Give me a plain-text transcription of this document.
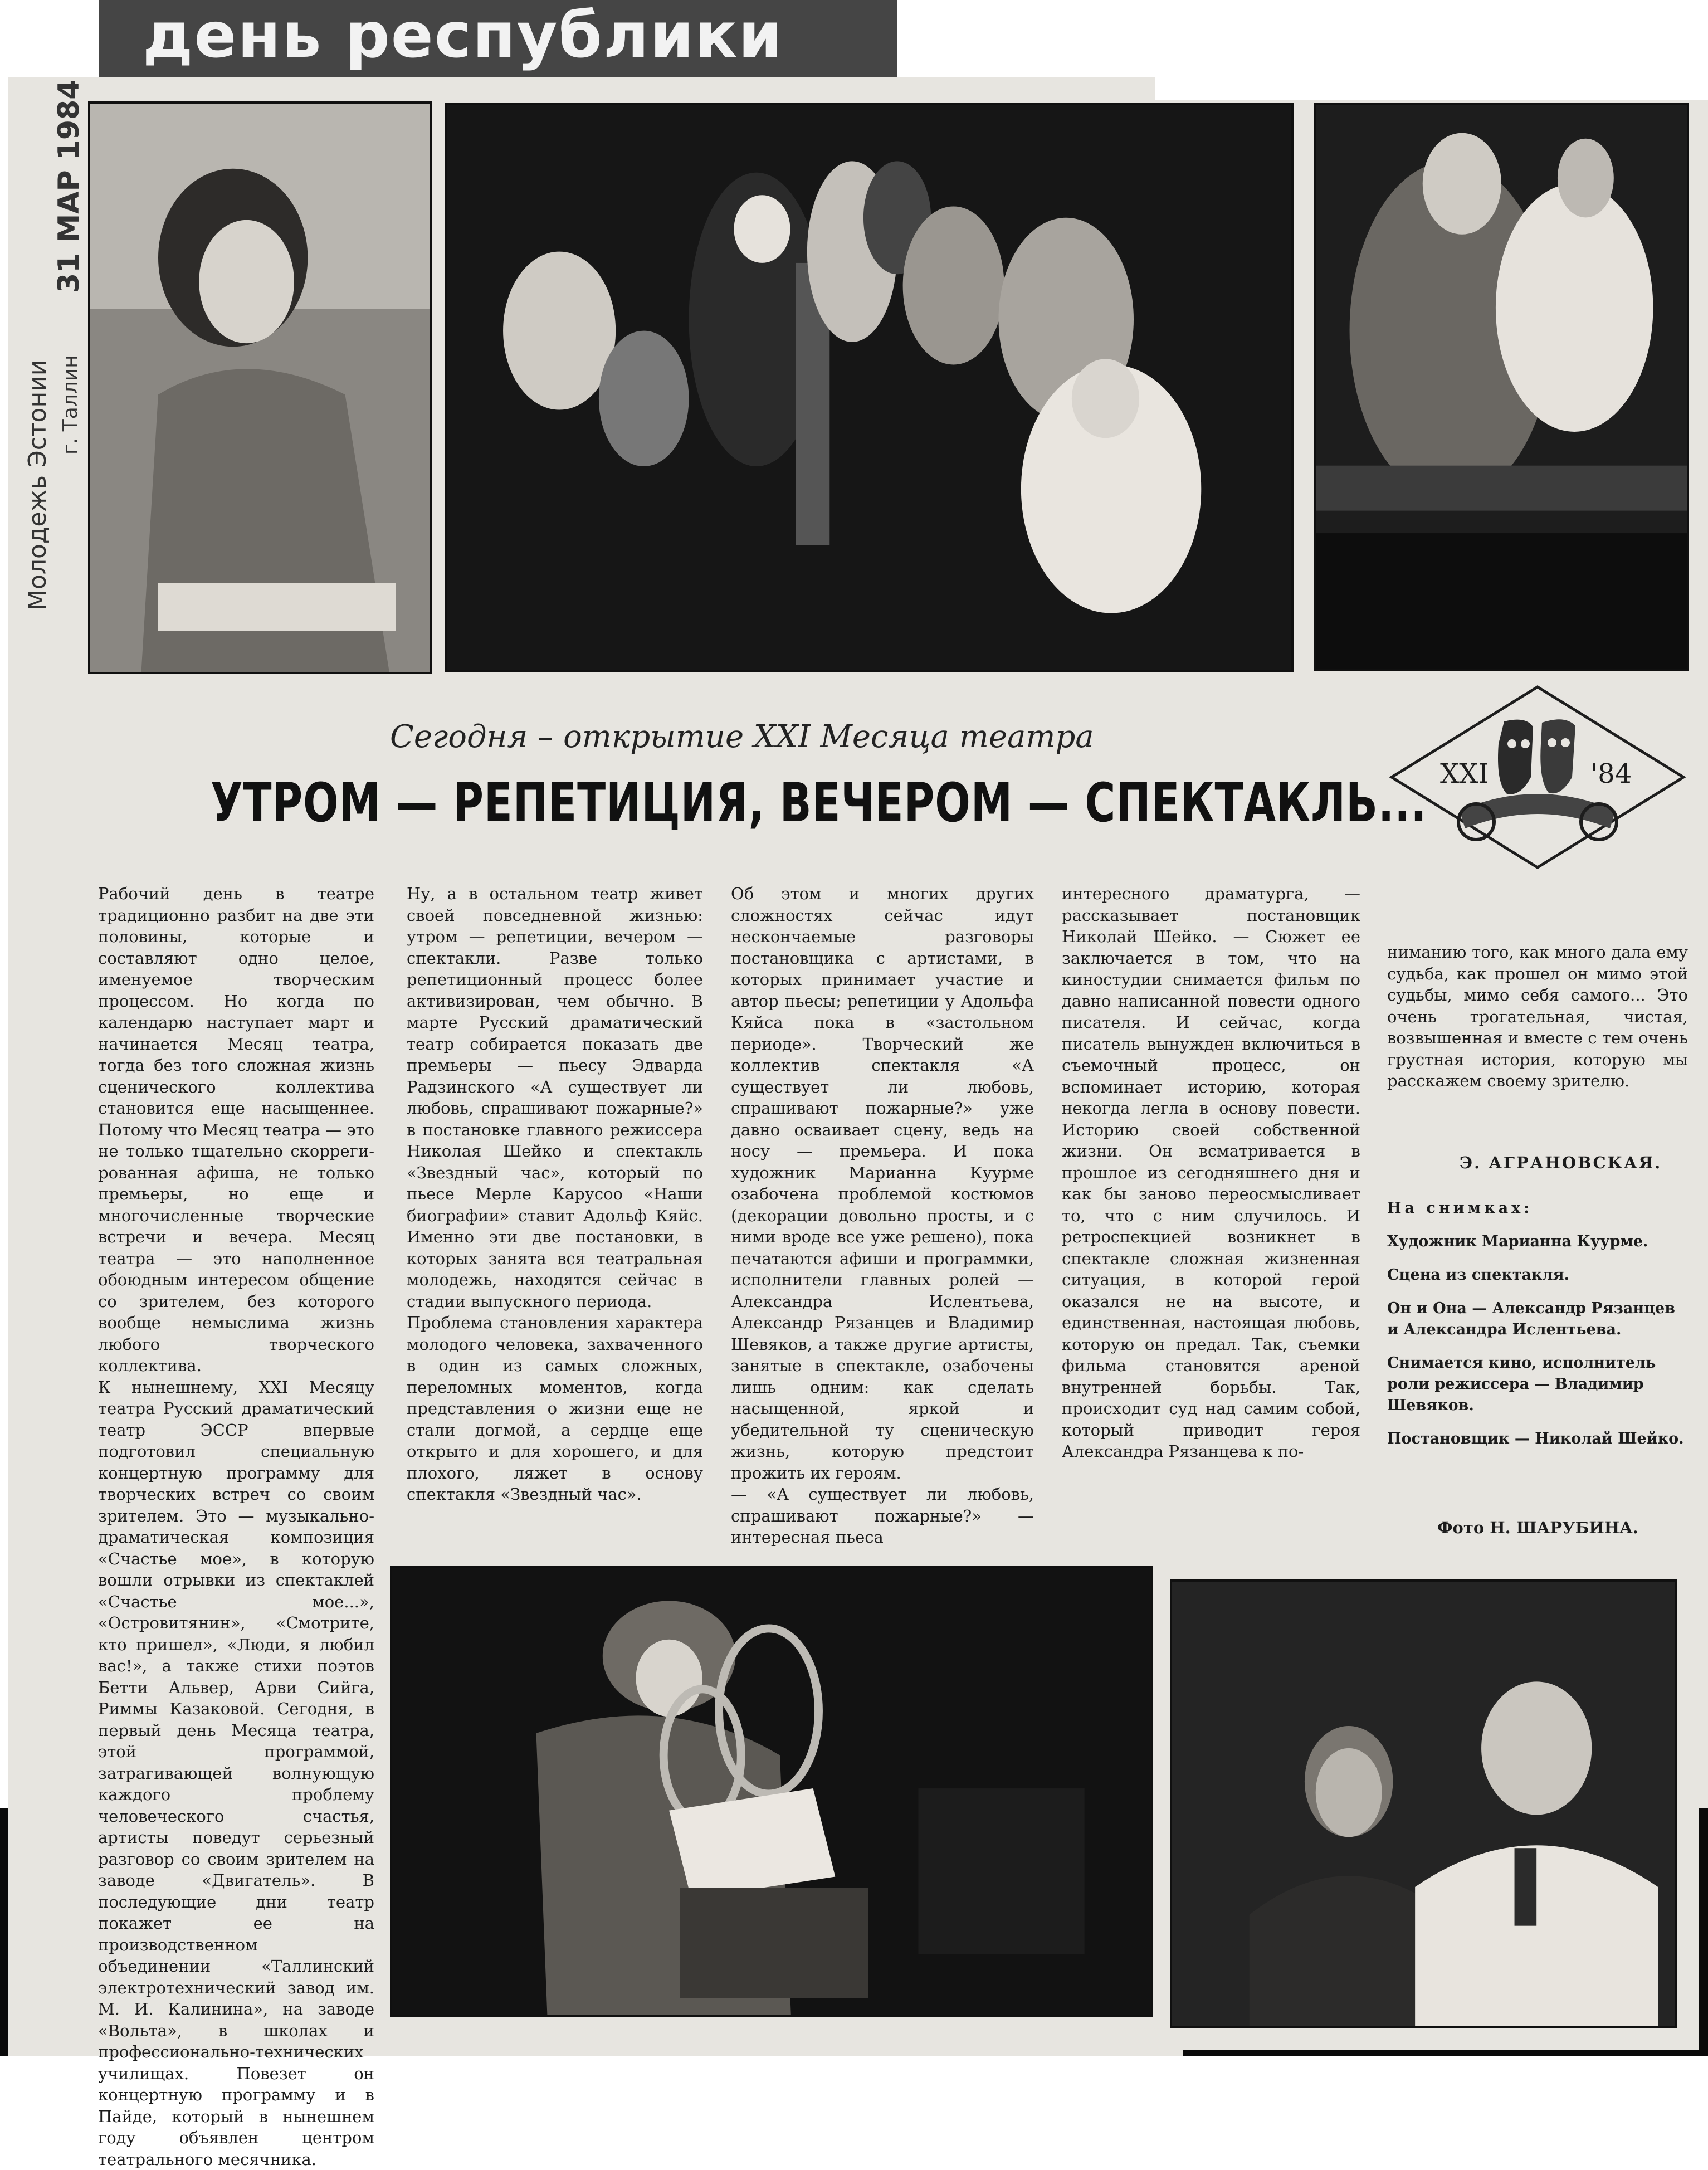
день республики
Молодежь Эстонии г. Таллин
31 МАР 1984
Сегодня – открытие XXI Месяца театра
УТРОМ — РЕПЕТИЦИЯ, ВЕЧЕРОМ — СПЕКТАКЛЬ... XXI	'84
Рабочий день в театре традиционно разбит на две эти половины, которые и составляют одно целое, именуемое творческим процессом. Но когда по календарю наступает март и начинается Месяц театра, тогда без того сложная жизнь сценического коллектива становится еще насыщеннее. Потому что Месяц театра — это не только тщательно скоррегированная афиша, не только премьеры, но еще и многочисленные творческие встречи и вечера. Месяц театра — это наполненное обоюдным интересом общение со зрителем, без которого вообще немыслима жизнь любого творческого коллектива.
К нынешнему, XXI Месяцу театра Русский драматический театр ЭССР впервые подготовил специальную концертную программу для творческих встреч со своим зрителем. Это — музыкально-драматическая композиция «Счастье мое», в которую вошли отрывки из спектаклей «Счастье мое...», «Островитянин», «Смотрите, кто пришел», «Люди, я любил вас!», а также стихи поэтов Бетти Альвер, Арви Сийга, Риммы Казаковой. Сегодня, в первый день Месяца театра, этой программой, затрагивающей волнующую каждого проблему человеческого счастья, артисты поведут серьезный разговор со своим зрителем на заводе «Двигатель». В последующие дни театр покажет ее на производственном объединении «Таллинский электротехнический завод им. М. И. Калинина», на заводе «Вольта», в школах и профессионально-технических училищах. Повезет он концертную программу и в Пайде, который в нынешнем году объявлен центром театрального месячника.
Ну, а в остальном театр живет своей повседневной жизнью: утром — репетиции, вечером — спектакли. Разве только репетиционный процесс более активизирован, чем обычно. В марте Русский драматический театр собирается показать две премьеры — пьесу Эдварда Радзинского «А существует ли любовь, спрашивают пожарные?» в постановке главного режиссера Николая Шейко и спектакль «Звездный час», который по пьесе Мерле Карусоо «Наши биографии» ставит Адольф Кяйс. Именно эти две постановки, в которых занята вся театральная молодежь, находятся сейчас в стадии выпускного периода.
Проблема становления характера молодого человека, захваченного в один из самых сложных, переломных моментов, когда представления о жизни еще не стали догмой, а сердце еще открыто и для хорошего, и для плохого, ляжет в основу спектакля «Звездный час».
Об этом и многих других сложностях сейчас идут нескончаемые разговоры постановщика с артистами, в которых принимает участие и автор пьесы; репетиции у Адольфа Кяйса пока в «застольном периоде». Творческий же коллектив спектакля «А существует ли любовь, спрашивают пожарные?» уже давно осваивает сцену, ведь на носу — премьера. И пока художник Марианна Куурме озабочена проблемой костюмов (декорации довольно просты, и с ними вроде все уже решено), пока печатаются афиши и программки, исполнители главных ролей — Александра Ислентьева, Александр Рязанцев и Владимир Шевяков, а также другие артисты, занятые в спектакле, озабочены лишь одним: как сделать насыщенной, яркой и убедительной ту сценическую жизнь, которую предстоит прожить их героям.
— «А существует ли любовь, спрашивают пожарные?» — интересная пьеса
интересного драматурга, — рассказывает постановщик Николай Шейко. — Сюжет ее заключается в том, что на киностудии снимается фильм по давно написанной повести одного писателя. И сейчас, когда писатель вынужден включиться в съемочный процесс, он вспоминает историю, которая некогда легла в основу повести. Историю своей собственной жизни. Он всматривается в прошлое из сегодняшнего дня и как бы заново переосмысливает то, что с ним случилось. И ретроспекцией возникнет в спектакле сложная жизненная ситуация, в которой герой оказался не на высоте, и единственная, настоящая любовь, которую он предал. Так, съемки фильма становятся ареной внутренней борьбы. Так, происходит суд над самим собой, который приводит героя Александра Рязанцева к по-
ниманию того, как много дала ему судьба, как прошел он мимо этой судьбы, мимо себя самого... Это очень трогательная, чистая, возвышенная и вместе с тем очень грустная история, которую мы расскажем своему зрителю.
Э. АГРАНОВСКАЯ.

На снимках:

Художник Марианна Куурме.

Сцена из спектакля.

Он и Она — Александр Рязанцев и Александра Ислентьева.

Снимается кино, исполнитель роли режиссера — Владимир Шевяков.

Постановщик — Николай Шейко.

Фото Н. ШАРУБИНА.
